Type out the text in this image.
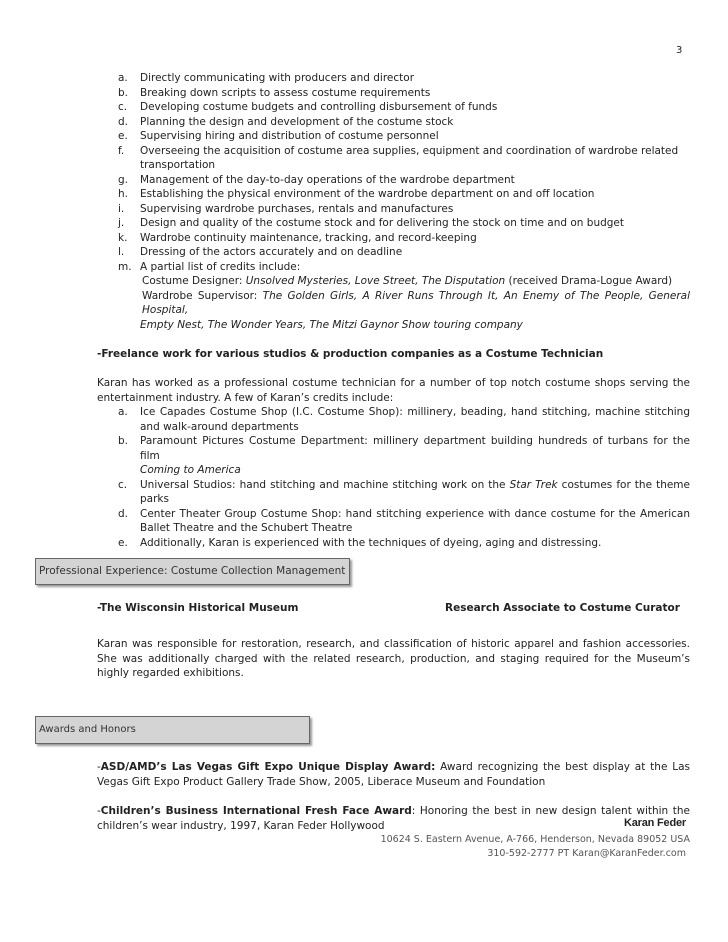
3
a. Directly communicating with producers and director
b. Breaking down scripts to assess costume requirements
c. Developing costume budgets and controlling disbursement of funds
d. Planning the design and development of the costume stock
e. Supervising hiring and distribution of costume personnel
f. Overseeing the acquisition of costume area supplies, equipment and coordination of wardrobe related
transportation
g. Management of the day-to-day operations of the wardrobe department
h. Establishing the physical environment of the wardrobe department on and off location
i. Supervising wardrobe purchases, rentals and manufactures
j. Design and quality of the costume stock and for delivering the stock on time and on budget
k. Wardrobe continuity maintenance, tracking, and record-keeping
l. Dressing of the actors accurately and on deadline
m. A partial list of credits include:
Costume Designer: Unsolved Mysteries, Love Street, The Disputation (received Drama-Logue Award)
Wardrobe Supervisor: The Golden Girls, A River Runs Through It, An Enemy of The People, General Hospital,
Empty Nest, The Wonder Years, The Mitzi Gaynor Show touring company
-Freelance work for various studios & production companies as a Costume Technician
Karan has worked as a professional costume technician for a number of top notch costume shops serving the entertainment industry. A few of Karan’s credits include:
a. Ice Capades Costume Shop (I.C. Costume Shop): millinery, beading, hand stitching, machine stitching and walk-around departments
b. Paramount Pictures Costume Department: millinery department building hundreds of turbans for the film
Coming to America
c. Universal Studios: hand stitching and machine stitching work on the Star Trek costumes for the theme parks
d. Center Theater Group Costume Shop: hand stitching experience with dance costume for the American Ballet Theatre and the Schubert Theatre
e. Additionally, Karan is experienced with the techniques of dyeing, aging and distressing.
Professional Experience: Costume Collection Management
-The Wisconsin Historical Museum	Research Associate to Costume Curator
Karan was responsible for restoration, research, and classification of historic apparel and fashion accessories. She was additionally charged with the related research, production, and staging required for the Museum’s highly regarded exhibitions.
Awards and Honors
-ASD/AMD’s Las Vegas Gift Expo Unique Display Award: Award recognizing the best display at the Las Vegas Gift Expo Product Gallery Trade Show, 2005, Liberace Museum and Foundation
-Children’s Business International Fresh Face Award: Honoring the best in new design talent within the children’s wear industry, 1997, Karan Feder Hollywood	Karan Feder
10624 S. Eastern Avenue, A-766, Henderson, Nevada 89052 USA
310-592-2777 PT Karan@KaranFeder.com
